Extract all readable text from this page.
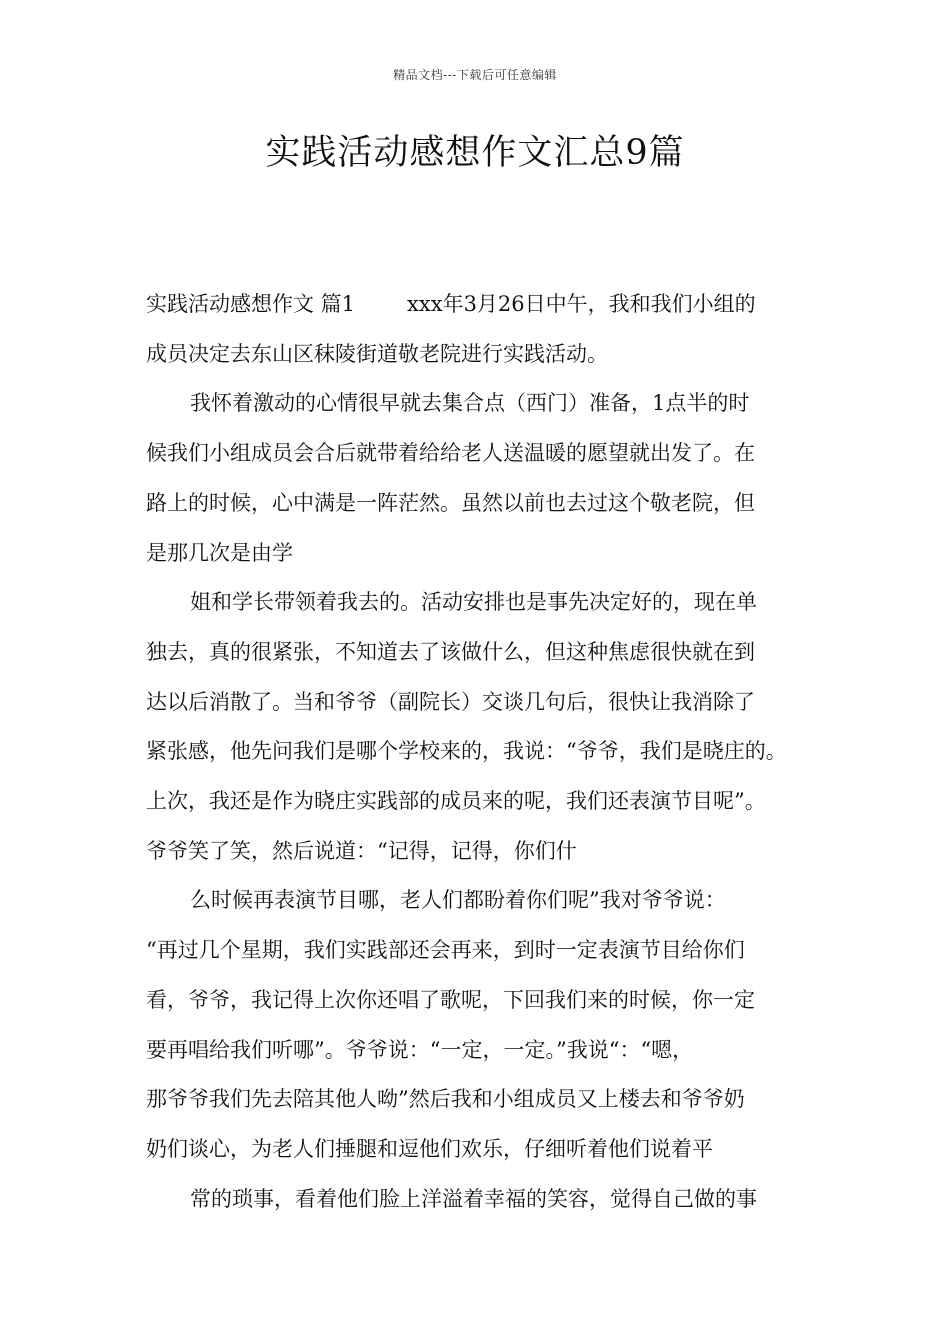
精品文档---下载后可任意编辑
实践活动感想作文汇总9篇
实践活动感想作文 篇1 xxx年3月26日中午，我和我们小组的
成员决定去东山区秣陵街道敬老院进行实践活动。
我怀着激动的心情很早就去集合点（西门）准备，1点半的时
候我们小组成员会合后就带着给给老人送温暖的愿望就出发了。在
路上的时候，心中满是一阵茫然。虽然以前也去过这个敬老院，但
是那几次是由学
姐和学长带领着我去的。活动安排也是事先决定好的，现在单
独去，真的很紧张，不知道去了该做什么，但这种焦虑很快就在到
达以后消散了。当和爷爷（副院长）交谈几句后，很快让我消除了
紧张感，他先问我们是哪个学校来的，我说：“爷爷，我们是晓庄的。
上次，我还是作为晓庄实践部的成员来的呢，我们还表演节目呢”。
爷爷笑了笑，然后说道：“记得，记得，你们什
么时候再表演节目哪，老人们都盼着你们呢”我对爷爷说：
“再过几个星期，我们实践部还会再来，到时一定表演节目给你们
看，爷爷，我记得上次你还唱了歌呢，下回我们来的时候，你一定
要再唱给我们听哪”。爷爷说：“一定，一定。”我说“：“嗯，
那爷爷我们先去陪其他人呦”然后我和小组成员又上楼去和爷爷奶
奶们谈心，为老人们捶腿和逗他们欢乐，仔细听着他们说着平
常的琐事，看着他们脸上洋溢着幸福的笑容，觉得自己做的事
